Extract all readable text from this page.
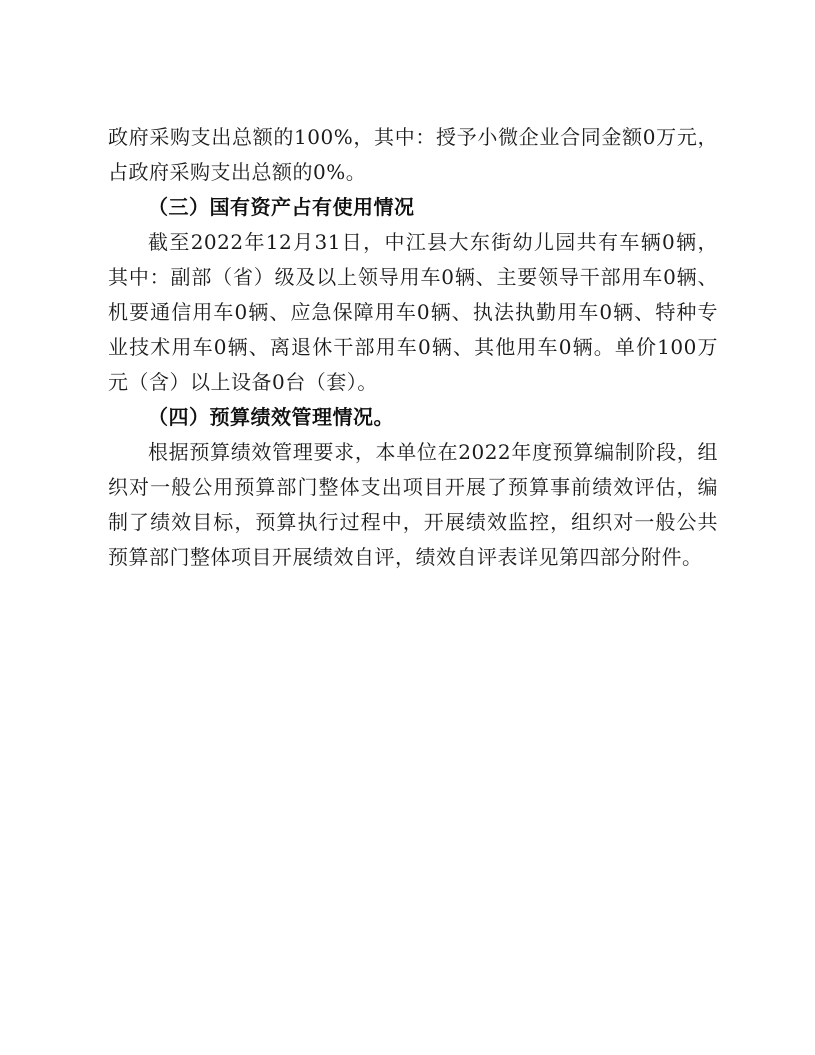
政府采购支出总额的100%，其中：授予小微企业合同金额0万元，占政府采购支出总额的0%。

（三）国有资产占有使用情况

截至2022年12月31日，中江县大东街幼儿园共有车辆0辆，其中：副部（省）级及以上领导用车0辆、主要领导干部用车0辆、机要通信用车0辆、应急保障用车0辆、执法执勤用车0辆、特种专业技术用车0辆、离退休干部用车0辆、其他用车0辆。单价100万元（含）以上设备0台（套）。

（四）预算绩效管理情况。

根据预算绩效管理要求，本单位在2022年度预算编制阶段，组织对一般公用预算部门整体支出项目开展了预算事前绩效评估，编制了绩效目标，预算执行过程中，开展绩效监控，组织对一般公共预算部门整体项目开展绩效自评，绩效自评表详见第四部分附件。
